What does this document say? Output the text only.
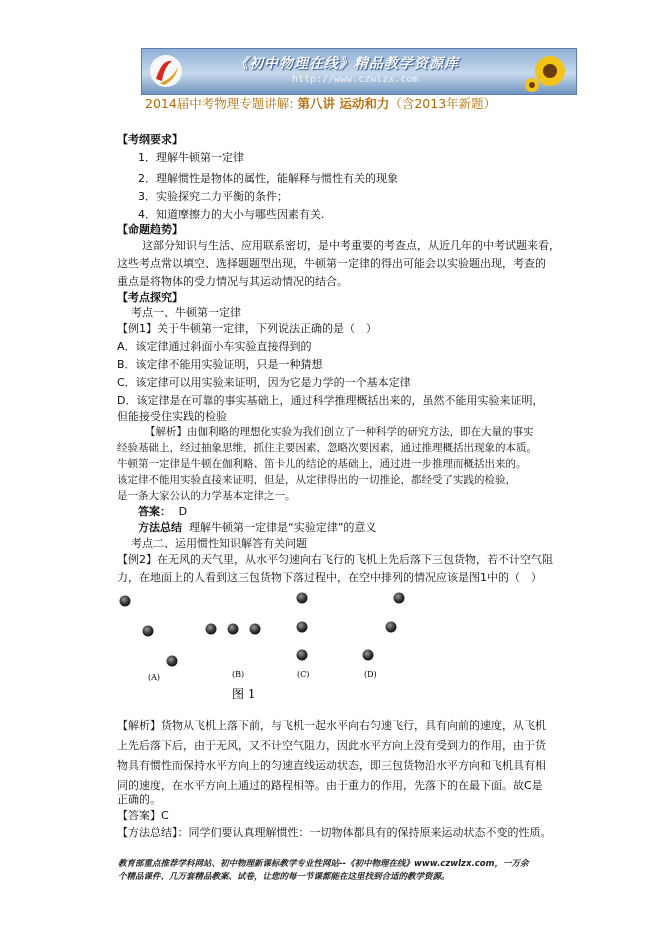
《初中物理在线》精品教学资源库
http://www.czwlzx.com
2014届中考物理专题讲解: 第八讲 运动和力（含2013年新题）
【考纲要求】
1．理解牛顿第一定律
2．理解惯性是物体的属性，能解释与惯性有关的现象
3．实验探究二力平衡的条件；
4．知道摩擦力的大小与哪些因素有关.
【命题趋势】
这部分知识与生活、应用联系密切，是中考重要的考查点，从近几年的中考试题来看，
这些考点常以填空、选择题题型出现，牛顿第一定律的得出可能会以实验题出现，考查的
重点是将物体的受力情况与其运动情况的结合。
【考点探究】
考点一、牛顿第一定律
【例1】关于牛顿第一定律，下列说法正确的是（　）
A．该定律通过斜面小车实验直接得到的
B．该定律不能用实验证明，只是一种猜想
C．该定律可以用实验来证明，因为它是力学的一个基本定律
D．该定律是在可靠的事实基础上，通过科学推理概括出来的，虽然不能用实验来证明，
但能接受住实践的检验
【解析】由伽利略的理想化实验为我们创立了一种科学的研究方法，即在大量的事实
经验基础上，经过抽象思维，抓住主要因素，忽略次要因素，通过推理概括出现象的本质。
牛顿第一定律是牛顿在伽利略、笛卡儿的结论的基础上，通过进一步推理而概括出来的。
该定律不能用实验直接来证明，但是，从定律得出的一切推论，都经受了实践的检验，
是一条大家公认的力学基本定律之一。
答案： D
方法总结 理解牛顿第一定律是“实验定律”的意义
考点二、运用惯性知识解答有关问题
【例2】在无风的天气里，从水平匀速向右飞行的飞机上先后落下三包货物，若不计空气阻
力，在地面上的人看到这三包货物下落过程中，在空中排列的情况应该是图1中的（　）
(A)	(B)	(C)	(D)
图 1
【解析】货物从飞机上落下前，与飞机一起水平向右匀速飞行，具有向前的速度，从飞机
上先后落下后，由于无风，又不计空气阻力，因此水平方向上没有受到力的作用，由于货
物具有惯性而保持水平方向上的匀速直线运动状态，即三包货物沿水平方向和飞机具有相
同的速度，在水平方向上通过的路程相等。由于重力的作用，先落下的在最下面。故C是
正确的。
【答案】C
【方法总结】：同学们要认真理解惯性：一切物体都具有的保持原来运动状态不变的性质。
教育部重点推荐学科网站、初中物理新课标教学专业性网站--《初中物理在线》www.czwlzx.com，一万余
个精品课件、几万套精品教案、试卷，让您的每一节课都能在这里找到合适的教学资源。
